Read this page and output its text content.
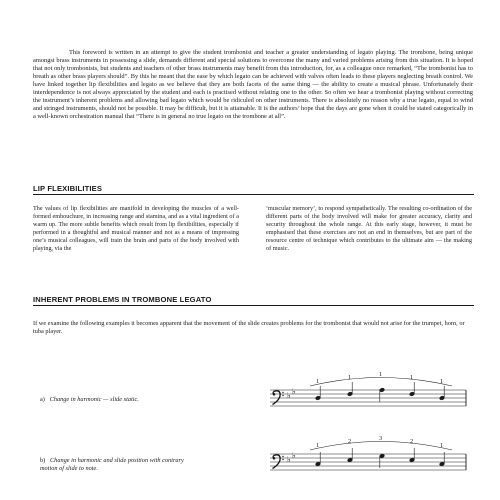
This foreword is written in an attempt to give the student trombonist and teacher a greater understanding of legato playing. The trombone, being unique amongst brass instruments in possessing a slide, demands different and special solutions to overcome the many and varied problems arising from this situation. It is hoped that not only trombonists, but students and teachers of other brass instruments may benefit from this introduction, for, as a colleague once remarked, “The trombonist has to breath as other brass players should”. By this he meant that the ease by which legato can be achieved with valves often leads to these players neglecting breath control. We have linked together lip flexibilities and legato as we believe that they are both facets of the same thing — the ability to create a musical phrase. Unfortunately their interdependence is not always appreciated by the student and each is practised without relating one to the other. So often we hear a trombonist playing without correcting the instrument’s inherent problems and allowing bad legato which would be ridiculed on other instruments. There is absolutely no reason why a true legato, equal to wind and stringed instruments, should not be possible. It may be difficult, but it is attainable. It is the authors’ hope that the days are gone when it could be stated categorically in a well-known orchestration manual that “There is in general no true legato on the trombone at all”.

LIP FLEXIBILITIES

The values of lip flexibilities are manifold in developing the muscles of a well-formed embouchure, in increasing range and stamina, and as a vital ingredient of a warm up. The more subtle benefits which result from lip flexibilities, especially if performed in a thoughtful and musical manner and not as a means of impressing one’s musical colleagues, will train the brain and parts of the body involved with playing, via the

‘muscular memory’, to respond sympathetically. The resulting co-ordination of the different parts of the body involved will make for greater accuracy, clarity and security throughout the whole range. At this early stage, however, it must be emphasised that these exercises are not an end in themselves, but are part of the resource centre of technique which contributes to the ultimate aim — the making of music.

INHERENT PROBLEMS IN TROMBONE LEGATO

If we examine the following examples it becomes apparent that the movement of the slide creates problems for the trombonist that would not arise for the trumpet, horn, or tuba player.

a) Change in harmonic — slide static.	♭ ♭
1
1	1	1
1

b) Change in harmonic and slide position with contrary
motion of slide to note.

♭ ♭
1
2	3	2
1
